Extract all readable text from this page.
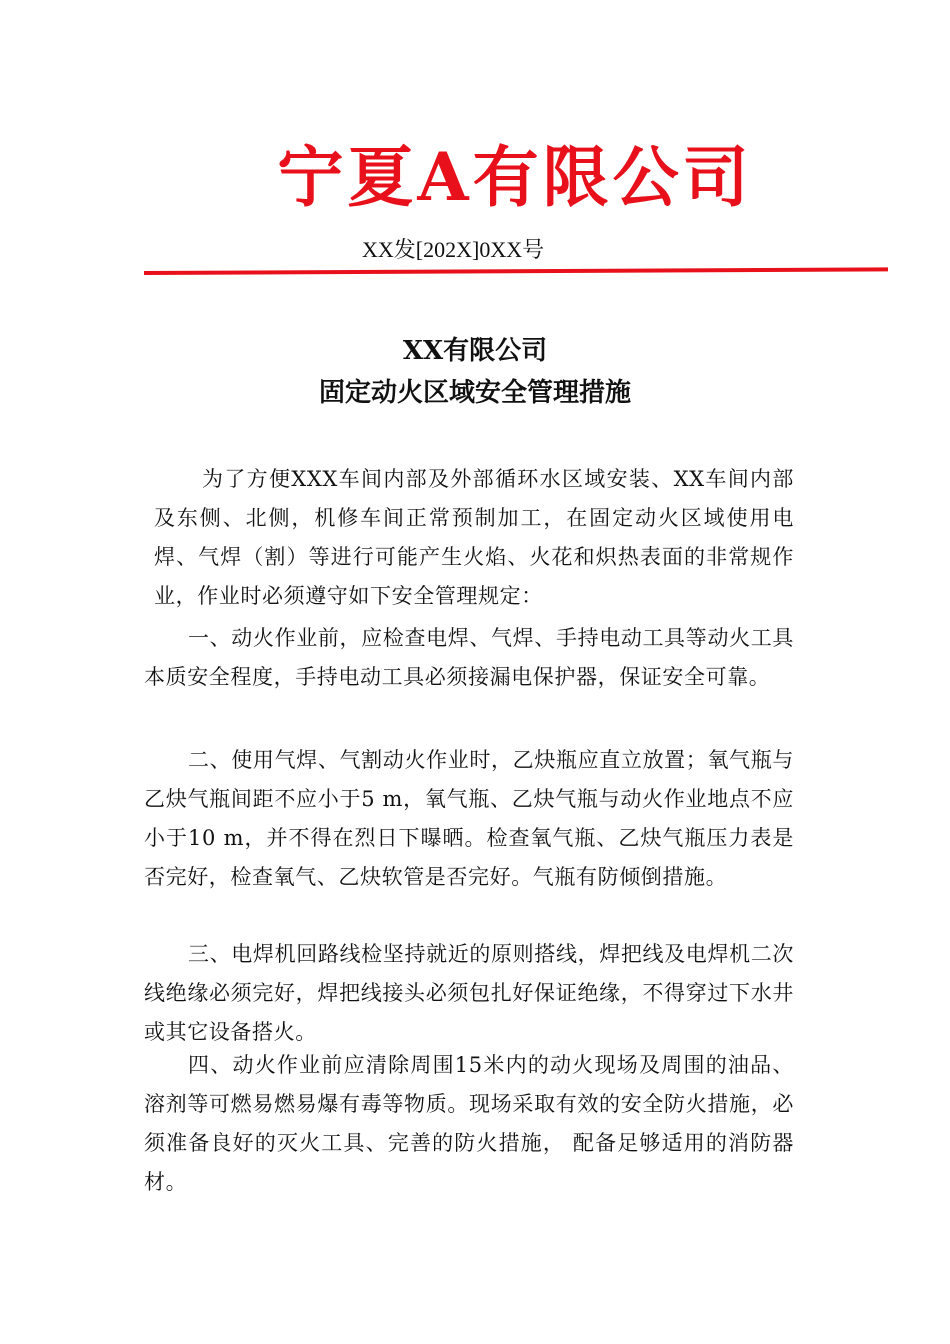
宁夏A有限公司
XX发[202X]0XX号
XX有限公司
固定动火区域安全管理措施

为了方便XXX车间内部及外部循环水区域安装、XX车间内部及东侧、北侧，机修车间正常预制加工，在固定动火区域使用电焊、气焊（割）等进行可能产生火焰、火花和炽热表面的非常规作业，作业时必须遵守如下安全管理规定：

一、动火作业前，应检查电焊、气焊、手持电动工具等动火工具本质安全程度，手持电动工具必须接漏电保护器，保证安全可靠。

二、使用气焊、气割动火作业时，乙炔瓶应直立放置；氧气瓶与乙炔气瓶间距不应小于5 m，氧气瓶、乙炔气瓶与动火作业地点不应小于10 m，并不得在烈日下曝晒。检查氧气瓶、乙炔气瓶压力表是否完好，检查氧气、乙炔软管是否完好。气瓶有防倾倒措施。

三、电焊机回路线检坚持就近的原则搭线，焊把线及电焊机二次线绝缘必须完好，焊把线接头必须包扎好保证绝缘，不得穿过下水井或其它设备搭火。

四、动火作业前应清除周围15米内的动火现场及周围的油品、溶剂等可燃易燃易爆有毒等物质。现场采取有效的安全防火措施，必须准备良好的灭火工具、完善的防火措施， 配备足够适用的消防器材。
